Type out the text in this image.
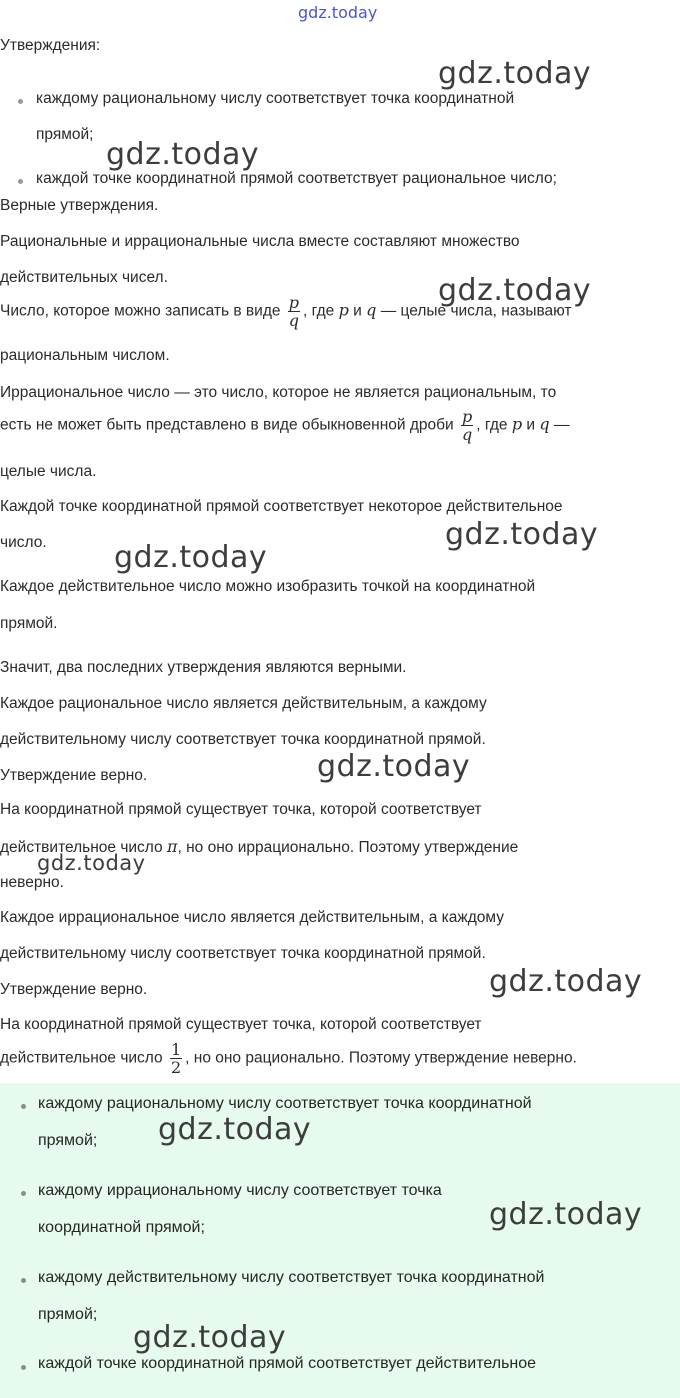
gdz.today

Утверждения:

каждому рациональному числу соответствует точка координатной

прямой;

каждой точке координатной прямой соответствует рациональное число;

Верные утверждения.

Рациональные и иррациональные числа вместе составляют множество

действительных чисел.

Число, которое можно записать в виде $\frac{p}{q}$ , где p и q — целые числа, называют

рациональным числом.

Иррациональное число — это число, которое не является рациональным, то

есть не может быть представлено в виде обыкновенной дроби $\frac{p}{q}$ , где p и q —

целые числа.

Каждой точке координатной прямой соответствует некоторое действительное

число.

Каждое действительное число можно изобразить точкой на координатной

прямой.

Значит, два последних утверждения являются верными.

Каждое рациональное число является действительным, а каждому

действительному числу соответствует точка координатной прямой.

Утверждение верно.

На координатной прямой существует точка, которой соответствует

действительное число π, но оно иррационально. Поэтому утверждение

неверно.

Каждое иррациональное число является действительным, а каждому

действительному числу соответствует точка координатной прямой.

Утверждение верно.

На координатной прямой существует точка, которой соответствует

действительное число $\frac{1}{2}$ , но оно рационально. Поэтому утверждение неверно.

каждому рациональному числу соответствует точка координатной

прямой;

каждому иррациональному числу соответствует точка

координатной прямой;

каждому действительному числу соответствует точка координатной

прямой;

каждой точке координатной прямой соответствует действительное

gdz.today
gdz.today
gdz.today
gdz.today
gdz.today
gdz.today
gdz.today
gdz.today
gdz.today
gdz.today
gdz.today
